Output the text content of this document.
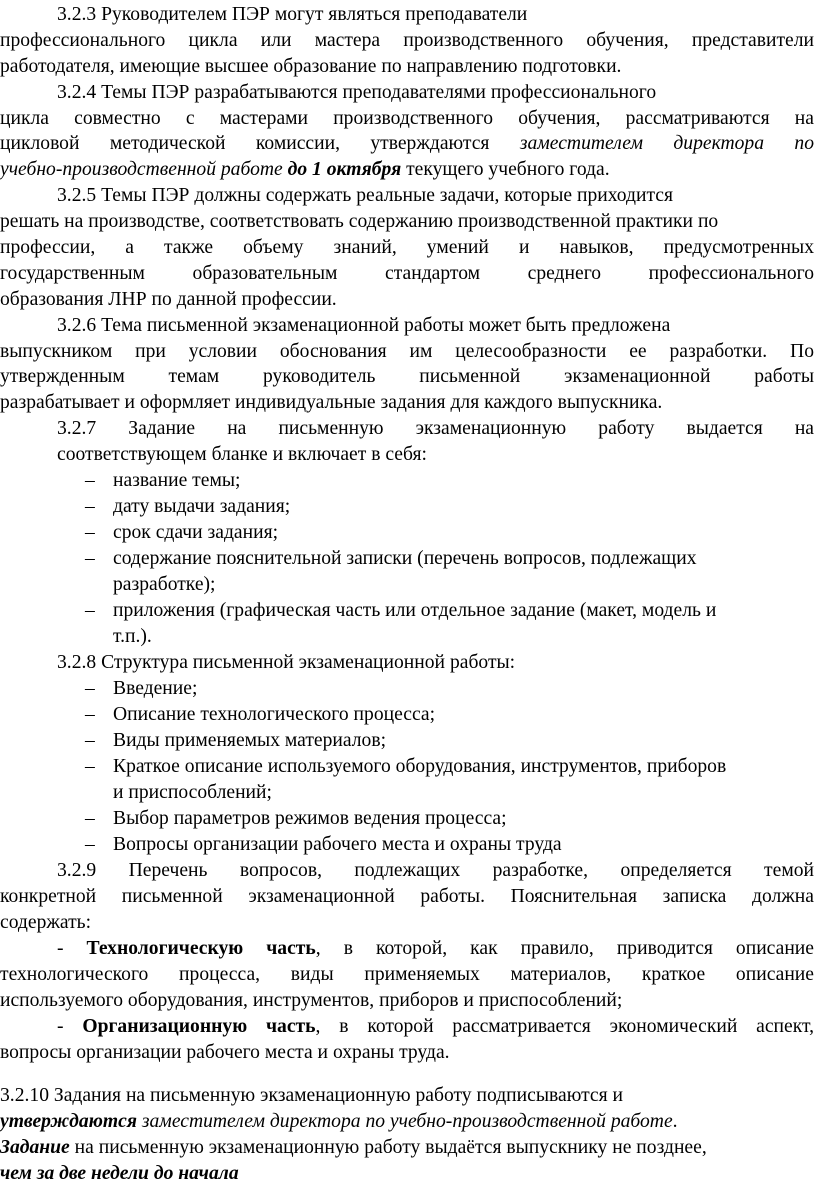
3.2.3 Руководителем ПЭР могут являться преподаватели
профессионального цикла или мастера производственного обучения, представители
работодателя, имеющие высшее образование по направлению подготовки.
3.2.4 Темы ПЭР разрабатываются преподавателями профессионального
цикла совместно с мастерами производственного обучения, рассматриваются на
цикловой методической комиссии, утверждаются заместителем директора по
учебно-производственной работе до 1 октября текущего учебного года.
3.2.5 Темы ПЭР должны содержать реальные задачи, которые приходится
решать на производстве, соответствовать содержанию производственной практики по
профессии, а также объему знаний, умений и навыков, предусмотренных
государственным образовательным стандартом среднего профессионального
образования ЛНР по данной профессии.
3.2.6 Тема письменной экзаменационной работы может быть предложена
выпускником при условии обоснования им целесообразности ее разработки. По
утвержденным темам руководитель письменной экзаменационной работы
разрабатывает и оформляет индивидуальные задания для каждого выпускника.
3.2.7 Задание на письменную экзаменационную работу выдается на
соответствующем бланке и включает в себя:
– название темы;
– дату выдачи задания;
– срок сдачи задания;
– содержание пояснительной записки (перечень вопросов, подлежащих
разработке);
– приложения (графическая часть или отдельное задание (макет, модель и
т.п.).
3.2.8 Структура письменной экзаменационной работы:
– Введение;
– Описание технологического процесса;
– Виды применяемых материалов;
– Краткое описание используемого оборудования, инструментов, приборов
и приспособлений;
– Выбор параметров режимов ведения процесса;
– Вопросы организации рабочего места и охраны труда
3.2.9 Перечень вопросов, подлежащих разработке, определяется темой
конкретной письменной экзаменационной работы. Пояснительная записка должна
содержать:
- Технологическую часть, в которой, как правило, приводится описание
технологического процесса, виды применяемых материалов, краткое описание
используемого оборудования, инструментов, приборов и приспособлений;
- Организационную часть, в которой рассматривается экономический аспект,
вопросы организации рабочего места и охраны труда.
3.2.10 Задания на письменную экзаменационную работу подписываются и
утверждаются заместителем директора по учебно-производственной работе.
Задание на письменную экзаменационную работу выдаётся выпускнику не позднее,
чем за две недели до начала
